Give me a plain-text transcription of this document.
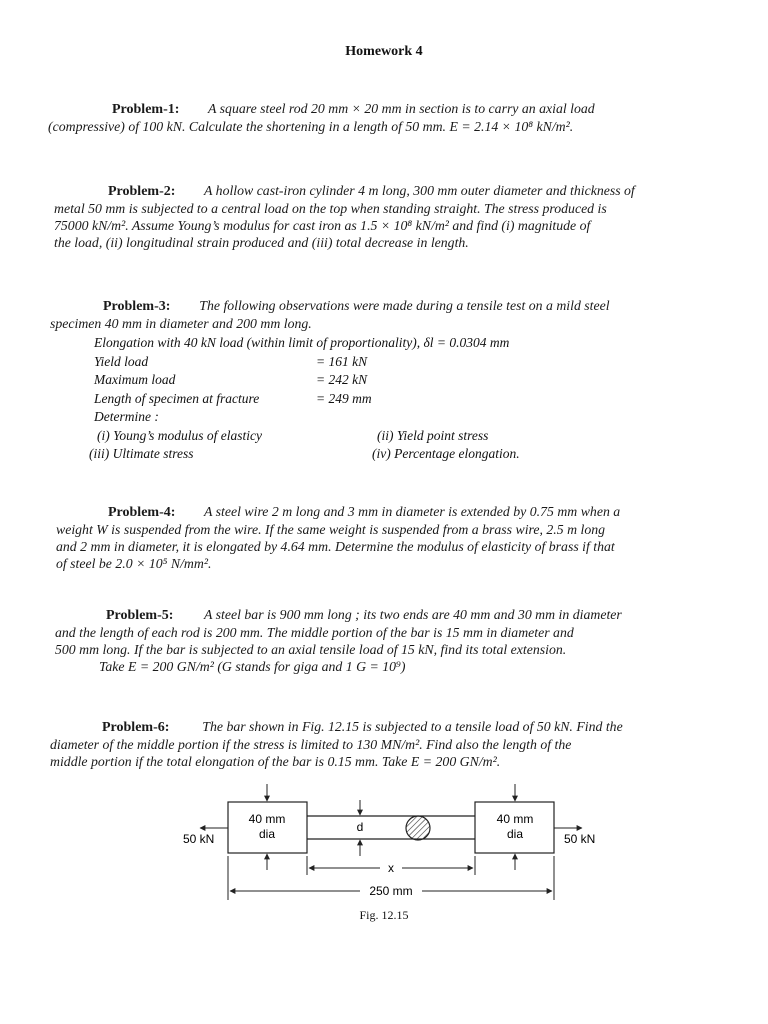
Homework 4
Problem-1: A square steel rod 20 mm × 20 mm in section is to carry an axial load
(compressive) of 100 kN. Calculate the shortening in a length of 50 mm. E = 2.14 × 10⁸ kN/m².
Problem-2: A hollow cast-iron cylinder 4 m long, 300 mm outer diameter and thickness of
metal 50 mm is subjected to a central load on the top when standing straight. The stress produced is
75000 kN/m². Assume Young’s modulus for cast iron as 1.5 × 10⁸ kN/m² and find (i) magnitude of
the load, (ii) longitudinal strain produced and (iii) total decrease in length.
Problem-3: The following observations were made during a tensile test on a mild steel
specimen 40 mm in diameter and 200 mm long.
Elongation with 40 kN load (within limit of proportionality), δl = 0.0304 mm
Yield load	= 161 kN
Maximum load	= 242 kN
Length of specimen at fracture	= 249 mm
Determine :
(i) Young’s modulus of elasticy	(ii) Yield point stress
(iii) Ultimate stress	(iv) Percentage elongation.
Problem-4: A steel wire 2 m long and 3 mm in diameter is extended by 0.75 mm when a
weight W is suspended from the wire. If the same weight is suspended from a brass wire, 2.5 m long
and 2 mm in diameter, it is elongated by 4.64 mm. Determine the modulus of elasticity of brass if that
of steel be 2.0 × 10⁵ N/mm².
Problem-5: A steel bar is 900 mm long ; its two ends are 40 mm and 30 mm in diameter
and the length of each rod is 200 mm. The middle portion of the bar is 15 mm in diameter and
500 mm long. If the bar is subjected to an axial tensile load of 15 kN, find its total extension.
Take E = 200 GN/m² (G stands for giga and 1 G = 10⁹)
Problem-6: The bar shown in Fig. 12.15 is subjected to a tensile load of 50 kN. Find the
diameter of the middle portion if the stress is limited to 130 MN/m². Find also the length of the
middle portion if the total elongation of the bar is 0.15 mm. Take E = 200 GN/m².
40 mm
dia
40 mm
dia
d
x
250 mm
50 kN	50 kN
Fig. 12.15
